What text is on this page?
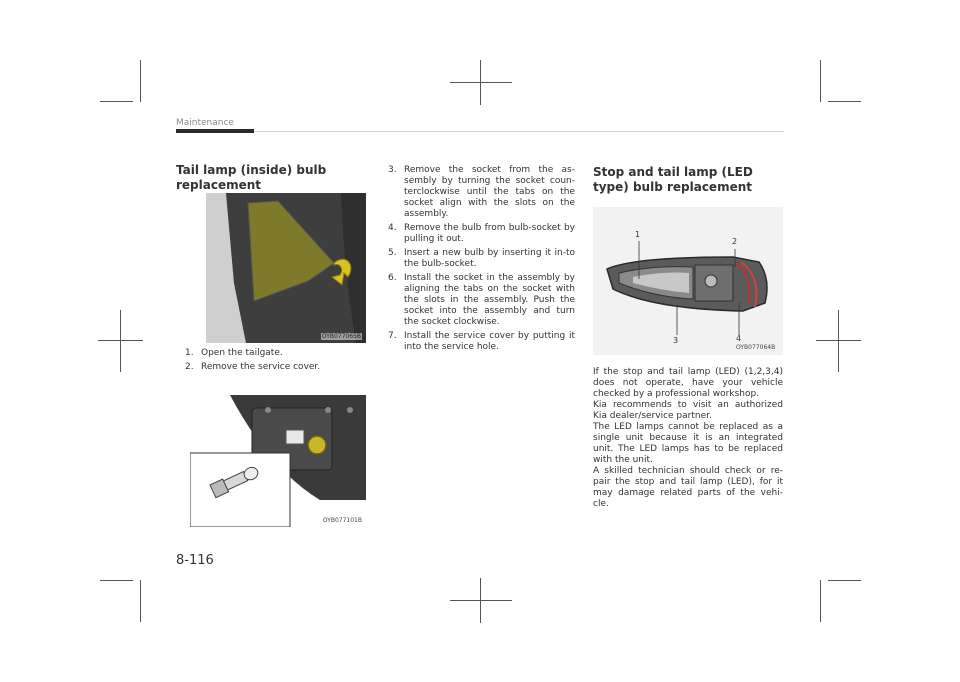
Maintenance
Tail lamp (inside) bulb replacement
OYB077065B
1. Open the tailgate.
2. Remove the service cover.
OYB077101B
3. Remove the socket from the as-sembly by turning the socket coun-terclockwise until the tabs on the socket align with the slots on the assembly.
4. Remove the bulb from bulb-socket by pulling it out.
5. Insert a new bulb by inserting it in-to the bulb-socket.
6. Install the socket in the assembly by aligning the tabs on the socket with the slots in the assembly. Push the socket into the assembly and turn the socket clockwise.
7. Install the service cover by putting it into the service hole.
Stop and tail lamp (LED type) bulb replacement
1
2
3	4
OYB077064B

If the stop and tail lamp (LED) (1,2,3,4) does not operate, have your vehicle checked by a professional workshop.

Kia recommends to visit an authorized Kia dealer/service partner.

The LED lamps cannot be replaced as a single unit because it is an integrated unit. The LED lamps has to be replaced with the unit.

A skilled technician should check or re-pair the stop and tail lamp (LED), for it may damage related parts of the vehi-cle.

8-116
